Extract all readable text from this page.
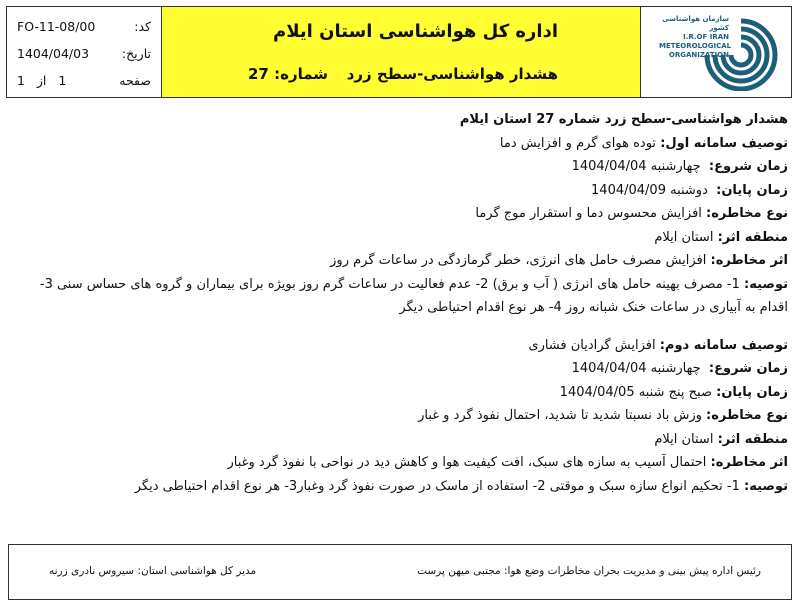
کد:
FO-11-08/00
تاریخ:
1404/04/03
صفحه
1   از   1
اداره کل هواشناسی استان ایلام
هشدار هواشناسی-سطح زرد
شماره: 27
سازمان هواشناسی کشور
I.R.OF IRAN
METEOROLOGICAL
ORGANIZATION
هشدار هواشناسی-سطح زرد شماره 27 استان ایلام
توصیف سامانه اول: توده هوای گرم و افزایش دما
زمان شروع:  چهارشنبه 1404/04/04
زمان پایان:  دوشنبه 1404/04/09
نوع مخاطره: افزایش محسوس دما و استقرار موج گرما
منطقه اثر: استان ایلام
اثر مخاطره: افزایش مصرف حامل های انرژی، خطر گرمازدگی در ساعات گرم روز
توصیه: 1- مصرف بهینه حامل های انرژی ( آب و برق) 2- عدم فعالیت در ساعات گرم روز بویژه برای بیماران و گروه های حساس سنی 3-
اقدام به آبیاری در ساعات خنک شبانه روز 4- هر نوع اقدام احتیاطی دیگر
توصیف سامانه دوم: افزایش گرادیان فشاری
زمان شروع:  چهارشنبه 1404/04/04
زمان پایان: صبح پنج شنبه 1404/04/05
نوع مخاطره: وزش باد نسبتا شدید تا شدید، احتمال نفوذ گرد و غبار
منطقه اثر: استان ایلام
اثر مخاطره: احتمال آسیب به سازه های سبک، افت کیفیت هوا و کاهش دید در نواحی با نفوذ گرد وغبار
توصیه: 1- تحکیم انواع سازه سبک و موقتی 2- استفاده از ماسک در صورت نفوذ گرد وغبار3- هر نوع اقدام احتیاطی دیگر
رئیس اداره پیش بینی و مدیریت بحران مخاطرات وضع هوا: مجتبی میهن پرست
مدیر کل هواشناسی استان: سیروس نادری زرنه
